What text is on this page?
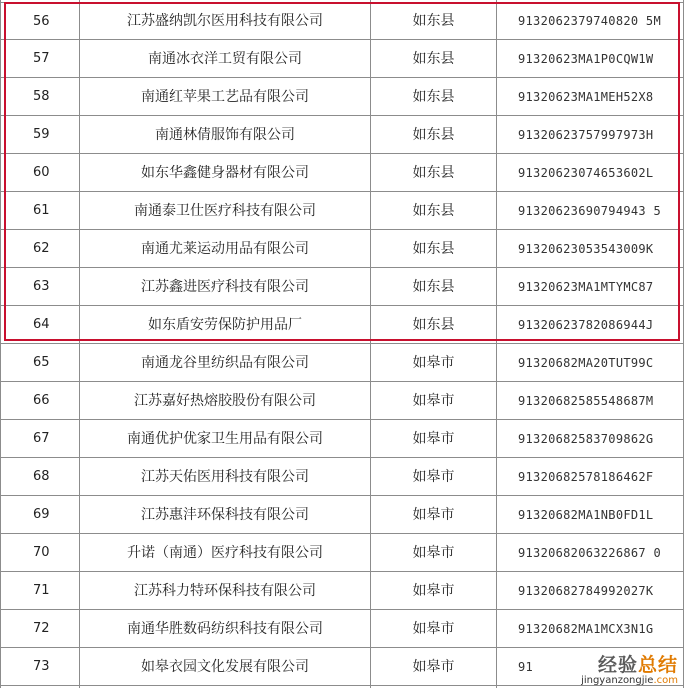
56	江苏盛纳凯尔医用科技有限公司	如东县	9132062379740820 5M
57	南通冰衣洋工贸有限公司	如东县	91320623MA1P0CQW1W
58	南通红苹果工艺品有限公司	如东县	91320623MA1MEH52X8
59	南通林倩服饰有限公司	如东县	91320623757997973H
60	如东华鑫健身器材有限公司	如东县	91320623074653602L
61	南通泰卫仕医疗科技有限公司	如东县	91320623690794943 5
62	南通尤莱运动用品有限公司	如东县	91320623053543009K
63	江苏鑫进医疗科技有限公司	如东县	91320623MA1MTYMC87
64	如东盾安劳保防护用品厂	如东县	91320623782086944J
65	南通龙谷里纺织品有限公司	如皋市	91320682MA20TUT99C
66	江苏嘉好热熔胶股份有限公司	如皋市	91320682585548687M
67	南通优护优家卫生用品有限公司	如皋市	91320682583709862G
68	江苏天佑医用科技有限公司	如皋市	91320682578186462F
69	江苏惠沣环保科技有限公司	如皋市	91320682MA1NB0FD1L
70	升诺（南通）医疗科技有限公司	如皋市	91320682063226867 0
71	江苏科力特环保科技有限公司	如皋市	91320682784992027K
72	南通华胜数码纺织科技有限公司	如皋市	91320682MA1MCX3N1G
73	如皋衣园文化发展有限公司	如皋市	91	经验总结
jingyanzongjie.com
